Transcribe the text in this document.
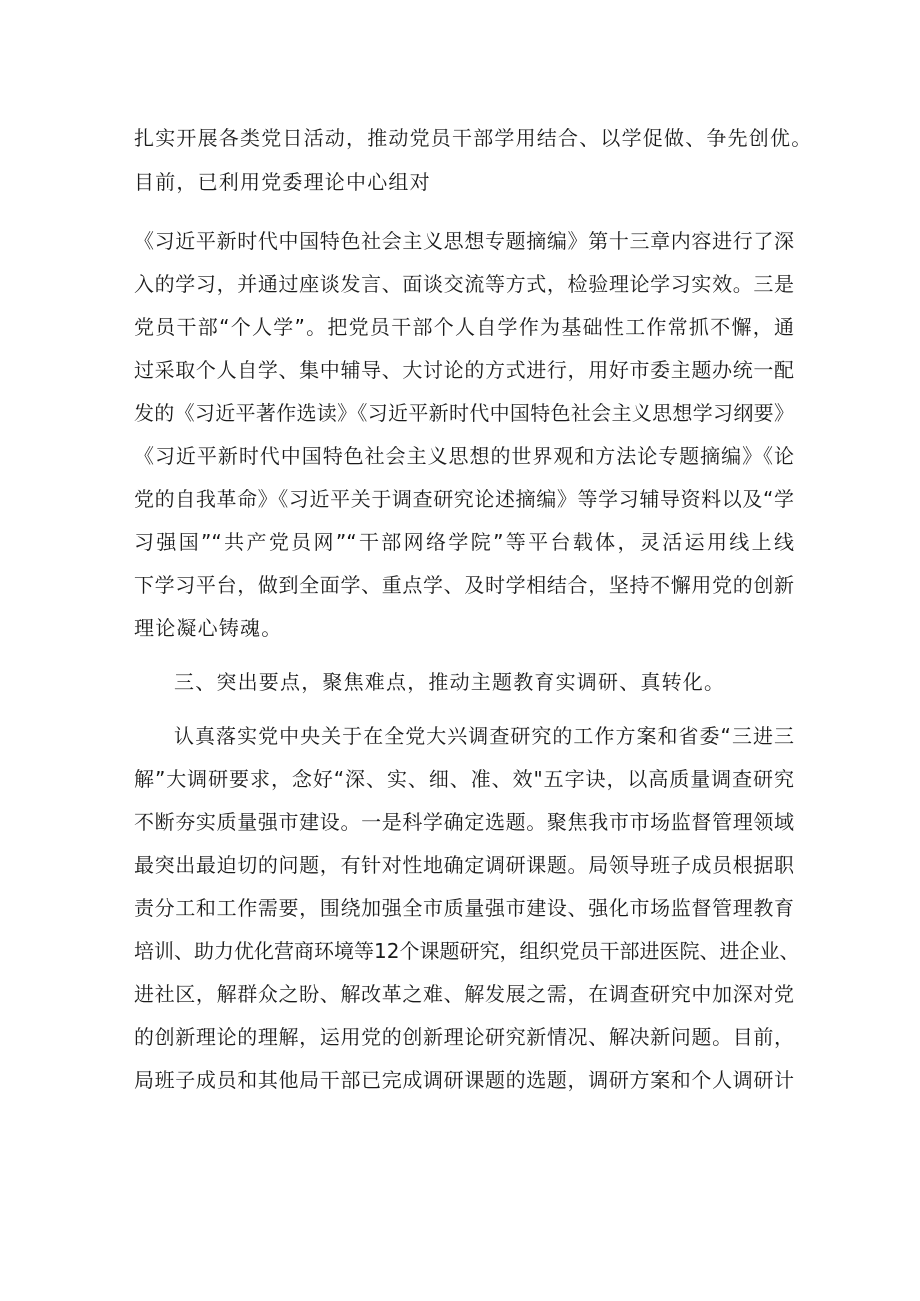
扎实开展各类党日活动，推动党员干部学用结合、以学促做、争先创优。
目前，已利用党委理论中心组对
《习近平新时代中国特色社会主义思想专题摘编》第十三章内容进行了深
入的学习，并通过座谈发言、面谈交流等方式，检验理论学习实效。三是
党员干部“个人学”。把党员干部个人自学作为基础性工作常抓不懈，通
过采取个人自学、集中辅导、大讨论的方式进行，用好市委主题办统一配
发的《习近平著作选读》《习近平新时代中国特色社会主义思想学习纲要》
《习近平新时代中国特色社会主义思想的世界观和方法论专题摘编》《论
党的自我革命》《习近平关于调查研究论述摘编》等学习辅导资料以及“学
习强国”“共产党员网”“干部网络学院”等平台载体，灵活运用线上线
下学习平台，做到全面学、重点学、及时学相结合，坚持不懈用党的创新
理论凝心铸魂。
三、突出要点，聚焦难点，推动主题教育实调研、真转化。
认真落实党中央关于在全党大兴调查研究的工作方案和省委“三进三
解”大调研要求，念好“深、实、细、准、效"五字诀，以高质量调查研究
不断夯实质量强市建设。一是科学确定选题。聚焦我市市场监督管理领域
最突出最迫切的问题，有针对性地确定调研课题。局领导班子成员根据职
责分工和工作需要，围绕加强全市质量强市建设、强化市场监督管理教育
培训、助力优化营商环境等12个课题研究，组织党员干部进医院、进企业、
进社区，解群众之盼、解改革之难、解发展之需，在调查研究中加深对党
的创新理论的理解，运用党的创新理论研究新情况、解决新问题。目前，
局班子成员和其他局干部已完成调研课题的选题，调研方案和个人调研计
